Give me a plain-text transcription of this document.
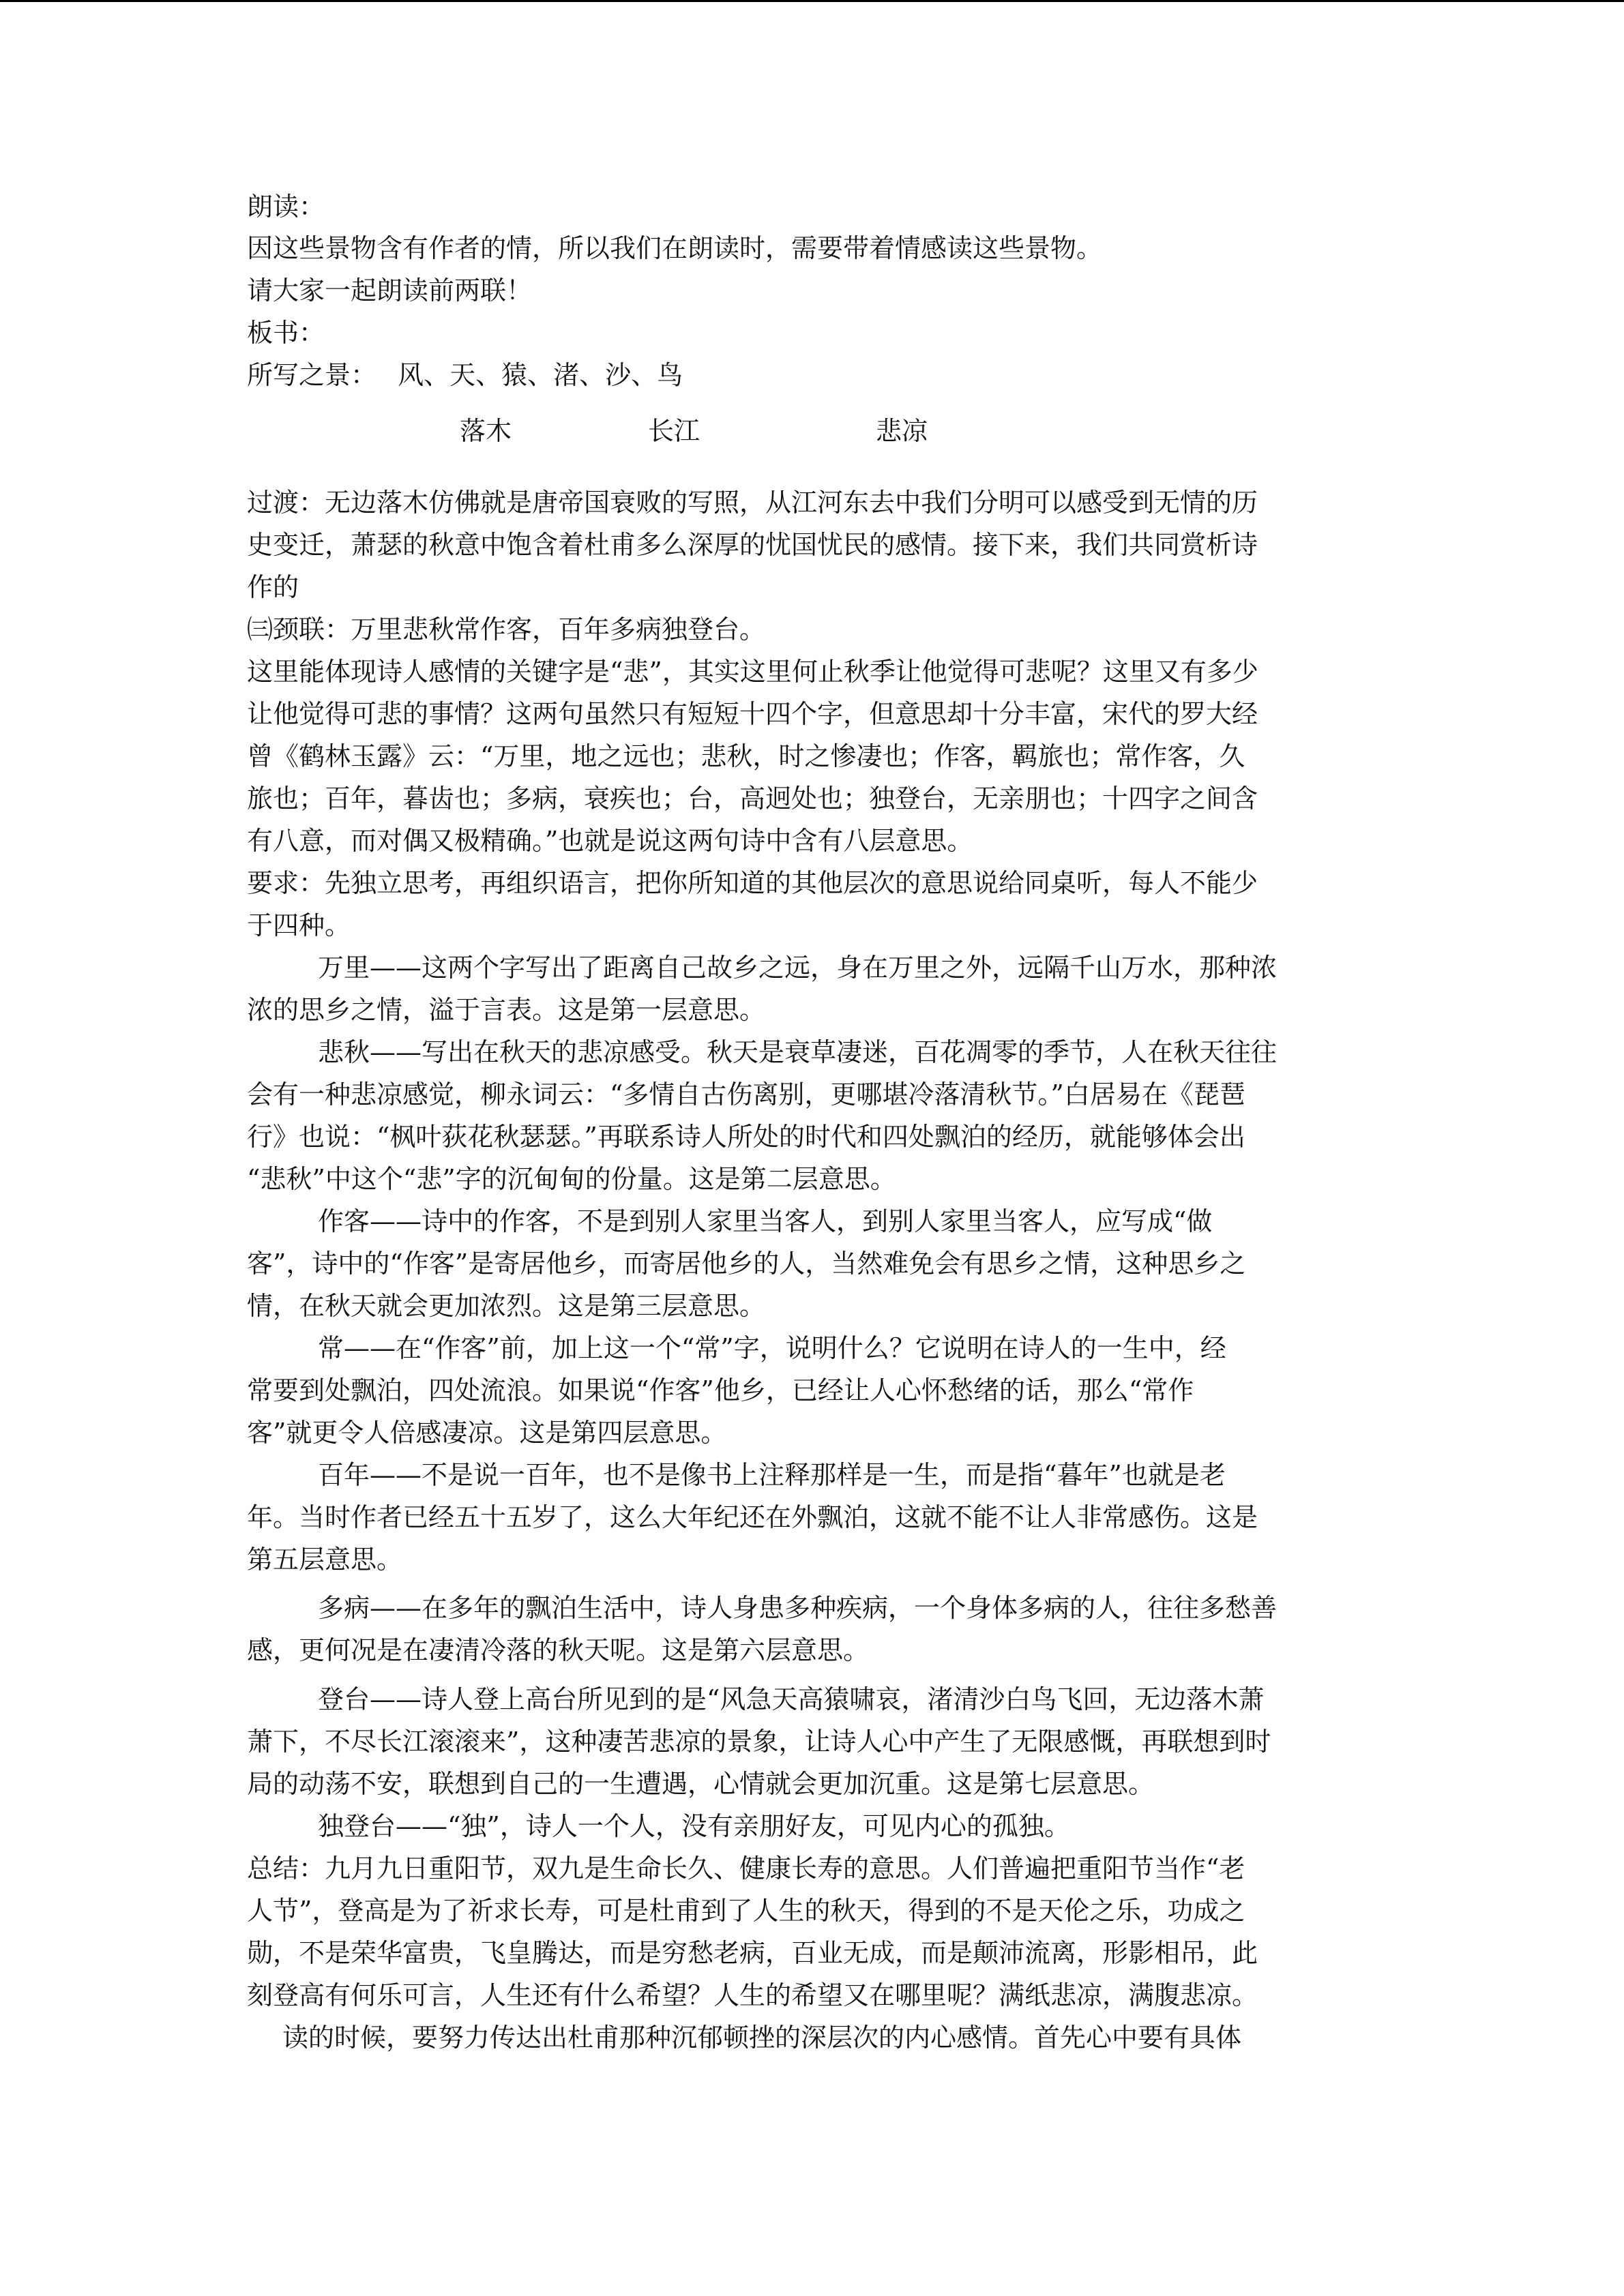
朗读：
因这些景物含有作者的情，所以我们在朗读时，需要带着情感读这些景物。
请大家一起朗读前两联！
板书：
所写之景：　 风、天、猿、渚、沙、鸟
过渡：无边落木仿佛就是唐帝国衰败的写照，从江河东去中我们分明可以感受到无情的历
史变迁，萧瑟的秋意中饱含着杜甫多么深厚的忧国忧民的感情。接下来，我们共同赏析诗
作的
㈢颈联：万里悲秋常作客，百年多病独登台。
这里能体现诗人感情的关键字是“悲”，其实这里何止秋季让他觉得可悲呢？这里又有多少
让他觉得可悲的事情？这两句虽然只有短短十四个字，但意思却十分丰富，宋代的罗大经
曾《鹤林玉露》云：“万里，地之远也；悲秋，时之惨凄也；作客，羁旅也；常作客，久
旅也；百年，暮齿也；多病，衰疾也；台，高迥处也；独登台，无亲朋也；十四字之间含
有八意，而对偶又极精确。”也就是说这两句诗中含有八层意思。
要求：先独立思考，再组织语言，把你所知道的其他层次的意思说给同桌听，每人不能少
于四种。
万里——这两个字写出了距离自己故乡之远，身在万里之外，远隔千山万水，那种浓
浓的思乡之情，溢于言表。这是第一层意思。
悲秋——写出在秋天的悲凉感受。秋天是衰草凄迷，百花凋零的季节，人在秋天往往
会有一种悲凉感觉，柳永词云：“多情自古伤离别，更哪堪冷落清秋节。”白居易在《琵琶
行》也说：“枫叶荻花秋瑟瑟。”再联系诗人所处的时代和四处飘泊的经历，就能够体会出
“悲秋”中这个“悲”字的沉甸甸的份量。这是第二层意思。
作客——诗中的作客，不是到别人家里当客人，到别人家里当客人，应写成“做
客”，诗中的“作客”是寄居他乡，而寄居他乡的人，当然难免会有思乡之情，这种思乡之
情，在秋天就会更加浓烈。这是第三层意思。
常——在“作客”前，加上这一个“常”字，说明什么？它说明在诗人的一生中，经
常要到处飘泊，四处流浪。如果说“作客”他乡，已经让人心怀愁绪的话，那么“常作
客”就更令人倍感凄凉。这是第四层意思。
百年——不是说一百年，也不是像书上注释那样是一生，而是指“暮年”也就是老
年。当时作者已经五十五岁了，这么大年纪还在外飘泊，这就不能不让人非常感伤。这是
第五层意思。
多病——在多年的飘泊生活中，诗人身患多种疾病，一个身体多病的人，往往多愁善
感，更何况是在凄清冷落的秋天呢。这是第六层意思。
登台——诗人登上高台所见到的是“风急天高猿啸哀，渚清沙白鸟飞回，无边落木萧
萧下，不尽长江滚滚来”，这种凄苦悲凉的景象，让诗人心中产生了无限感慨，再联想到时
局的动荡不安，联想到自己的一生遭遇，心情就会更加沉重。这是第七层意思。
独登台——“独”，诗人一个人，没有亲朋好友，可见内心的孤独。
总结：九月九日重阳节，双九是生命长久、健康长寿的意思。人们普遍把重阳节当作“老
人节”，登高是为了祈求长寿，可是杜甫到了人生的秋天，得到的不是天伦之乐，功成之
勋，不是荣华富贵，飞皇腾达，而是穷愁老病，百业无成，而是颠沛流离，形影相吊，此
刻登高有何乐可言，人生还有什么希望？人生的希望又在哪里呢？满纸悲凉，满腹悲凉。
读的时候，要努力传达出杜甫那种沉郁顿挫的深层次的内心感情。首先心中要有具体
落木	长江	悲凉
